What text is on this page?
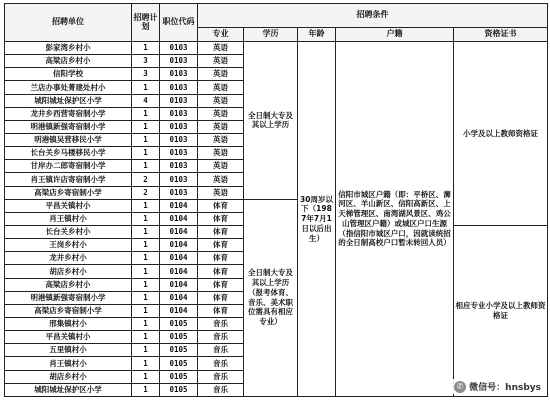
招聘单位	招聘计划	职位代码	招聘条件				
			专业	学历	年龄	户籍	资格证书
彭家湾乡村小	1	0103	英语	全日制大专及其以上学历	30周岁以下（1987年7月1日以后出生）	信阳市城区户籍（即：平桥区、浉河区、羊山新区、信阳高新区、上天梯管理区、南湾湖风景区、鸡公山管理区户籍）或城区户口生源（指信阳市城区户口，因就读统招的全日制高校户口暂未转回人员）	小学及以上教师资格证
高梁店乡村小	3	0103	英语				
信阳学校	3	0103	英语				
兰店办事处菁建处村小	1	0103	英语				
城阳城址保护区小学	4	0103	英语				
龙井乡西营寄宿制小学	1	0103	英语				
明港镇新强寄宿制小学	1	0103	英语				
明港镇吴营移民小学	1	0103	英语				
长台关乡马楼移民小学	1	0103	英语				
甘岸办二郎寄宿制小学	1	0103	英语				
肖王镇许店寄宿制小学	2	0103	英语				
高梁店乡寄宿制小学	2	0103	英语				
平昌关镇村小	1	0104	体育	全日制大专及其以上学历（报考体育、音乐、美术职位需具有相应专业）			
肖王镇村小	1	0104	体育				
长台关乡村小	1	0104	体育				相应专业小学及以上教师资格证
王岗乡村小	1	0104	体育				
龙井乡村小	1	0104	体育				
胡店乡村小	1	0104	体育				
高梁店乡村小	1	0104	体育				
明港镇新强寄宿制小学	1	0104	体育				
高梁店乡寄宿制小学	1	0104	体育				
邢集镇村小	1	0105	音乐				
平昌关镇村小	1	0105	音乐				
五里镇村小	1	0105	音乐				
肖王镇村小	1	0105	音乐				
胡店乡村小	1	0105	音乐				
城阳城址保护区小学	1	0105	音乐					✆ 微信号：hnsbys
